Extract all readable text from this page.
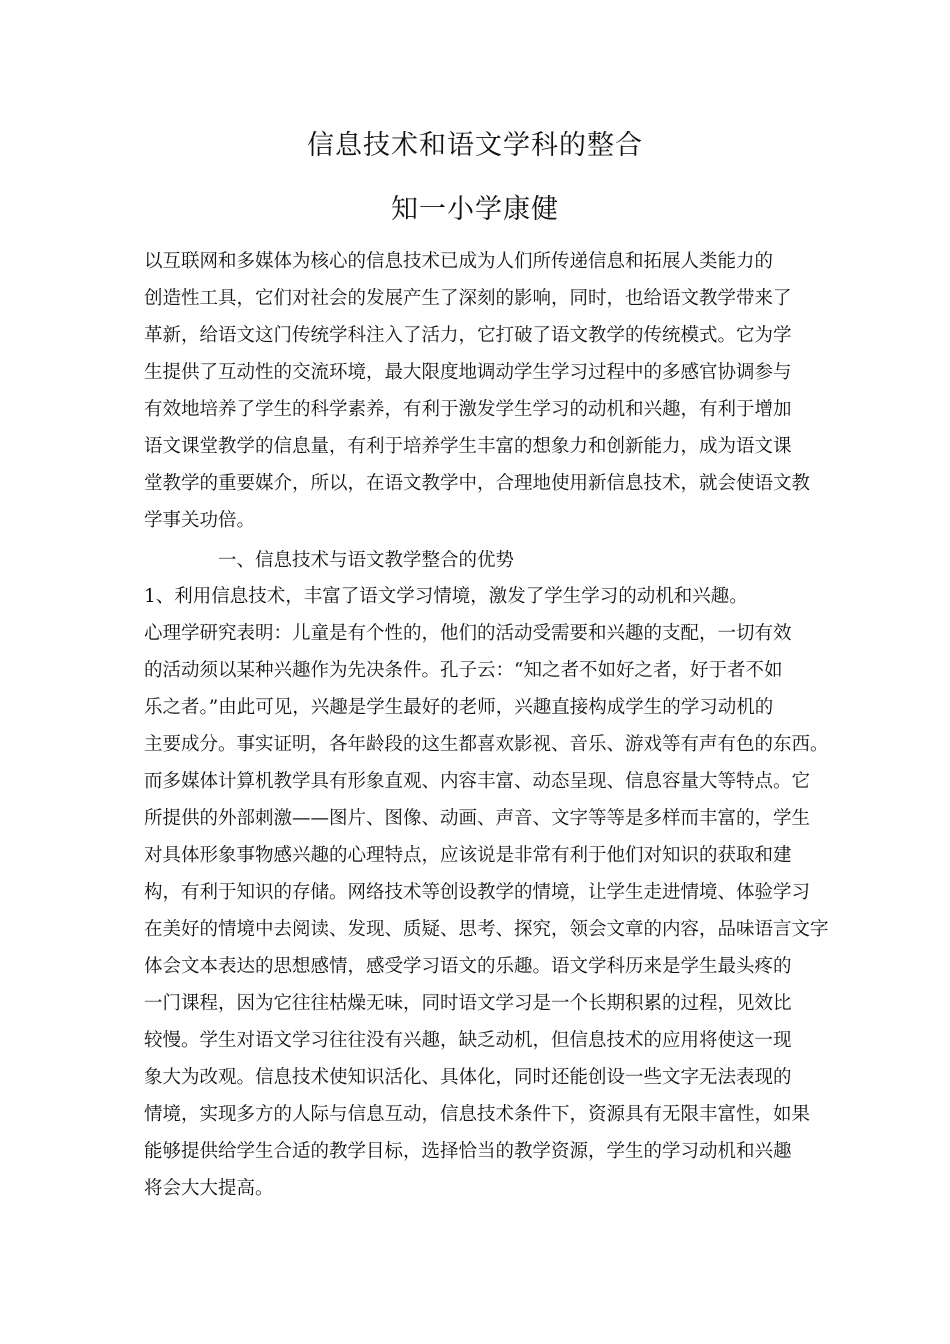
信息技术和语文学科的整合
知一小学康健
以互联网和多媒体为核心的信息技术已成为人们所传递信息和拓展人类能力的
创造性工具，它们对社会的发展产生了深刻的影响，同时，也给语文教学带来了
革新，给语文这门传统学科注入了活力，它打破了语文教学的传统模式。它为学
生提供了互动性的交流环境，最大限度地调动学生学习过程中的多感官协调参与
有效地培养了学生的科学素养，有利于激发学生学习的动机和兴趣，有利于增加
语文课堂教学的信息量，有利于培养学生丰富的想象力和创新能力，成为语文课
堂教学的重要媒介，所以，在语文教学中，合理地使用新信息技术，就会使语文教
学事关功倍。
一、信息技术与语文教学整合的优势
1、利用信息技术，丰富了语文学习情境，激发了学生学习的动机和兴趣。
心理学研究表明：儿童是有个性的，他们的活动受需要和兴趣的支配，一切有效
的活动须以某种兴趣作为先决条件。孔子云：“知之者不如好之者，好于者不如
乐之者。”由此可见，兴趣是学生最好的老师，兴趣直接构成学生的学习动机的
主要成分。事实证明，各年龄段的这生都喜欢影视、音乐、游戏等有声有色的东西。
而多媒体计算机教学具有形象直观、内容丰富、动态呈现、信息容量大等特点。它
所提供的外部刺激——图片、图像、动画、声音、文字等等是多样而丰富的，学生
对具体形象事物感兴趣的心理特点，应该说是非常有利于他们对知识的获取和建
构，有利于知识的存储。网络技术等创设教学的情境，让学生走进情境、体验学习
在美好的情境中去阅读、发现、质疑、思考、探究，领会文章的内容，品味语言文字
体会文本表达的思想感情，感受学习语文的乐趣。语文学科历来是学生最头疼的
一门课程，因为它往往枯燥无味，同时语文学习是一个长期积累的过程，见效比
较慢。学生对语文学习往往没有兴趣，缺乏动机，但信息技术的应用将使这一现
象大为改观。信息技术使知识活化、具体化，同时还能创设一些文字无法表现的
情境，实现多方的人际与信息互动，信息技术条件下，资源具有无限丰富性，如果
能够提供给学生合适的教学目标，选择恰当的教学资源，学生的学习动机和兴趣
将会大大提高。
